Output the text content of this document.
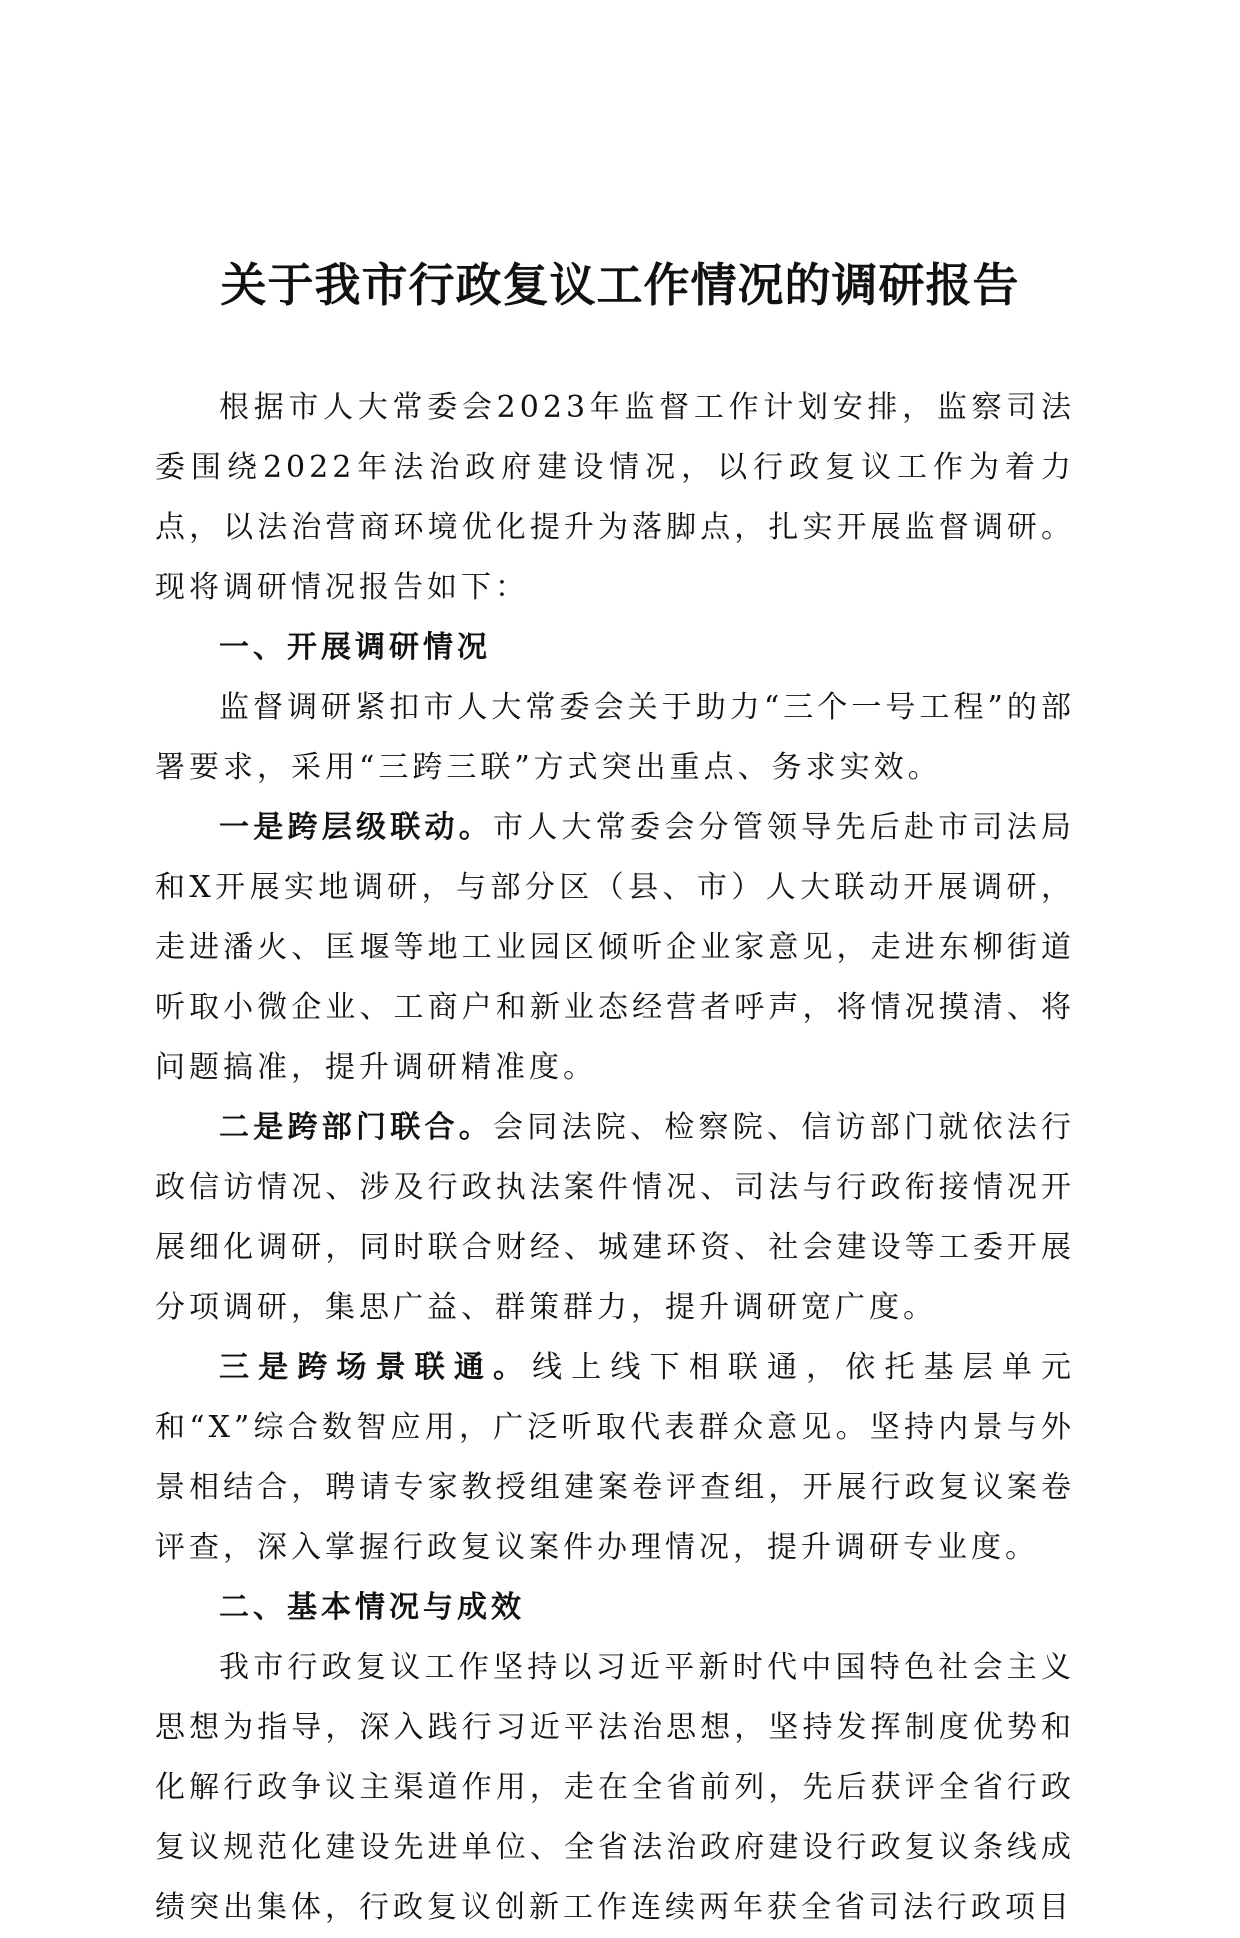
关于我市行政复议工作情况的调研报告

根据市人大常委会2023年监督工作计划安排，监察司法委围绕2022年法治政府建设情况，以行政复议工作为着力点，以法治营商环境优化提升为落脚点，扎实开展监督调研。现将调研情况报告如下：

一、开展调研情况

监督调研紧扣市人大常委会关于助力“三个一号工程”的部署要求，采用“三跨三联”方式突出重点、务求实效。

一是跨层级联动。市人大常委会分管领导先后赴市司法局和X开展实地调研，与部分区（县、市）人大联动开展调研，走进潘火、匡堰等地工业园区倾听企业家意见，走进东柳街道听取小微企业、工商户和新业态经营者呼声，将情况摸清、将问题搞准，提升调研精准度。

二是跨部门联合。会同法院、检察院、信访部门就依法行政信访情况、涉及行政执法案件情况、司法与行政衔接情况开展细化调研，同时联合财经、城建环资、社会建设等工委开展分项调研，集思广益、群策群力，提升调研宽广度。

三是跨场景联通。线上线下相联通，依托基层单元和“X”综合数智应用，广泛听取代表群众意见。坚持内景与外景相结合，聘请专家教授组建案卷评查组，开展行政复议案卷评查，深入掌握行政复议案件办理情况，提升调研专业度。

二、基本情况与成效

我市行政复议工作坚持以习近平新时代中国特色社会主义思想为指导，深入践行习近平法治思想，坚持发挥制度优势和化解行政争议主渠道作用，走在全省前列，先后获评全省行政复议规范化建设先进单位、全省法治政府建设行政复议条线成绩突出集体，行政复议创新工作连续两年获全省司法行政项目
